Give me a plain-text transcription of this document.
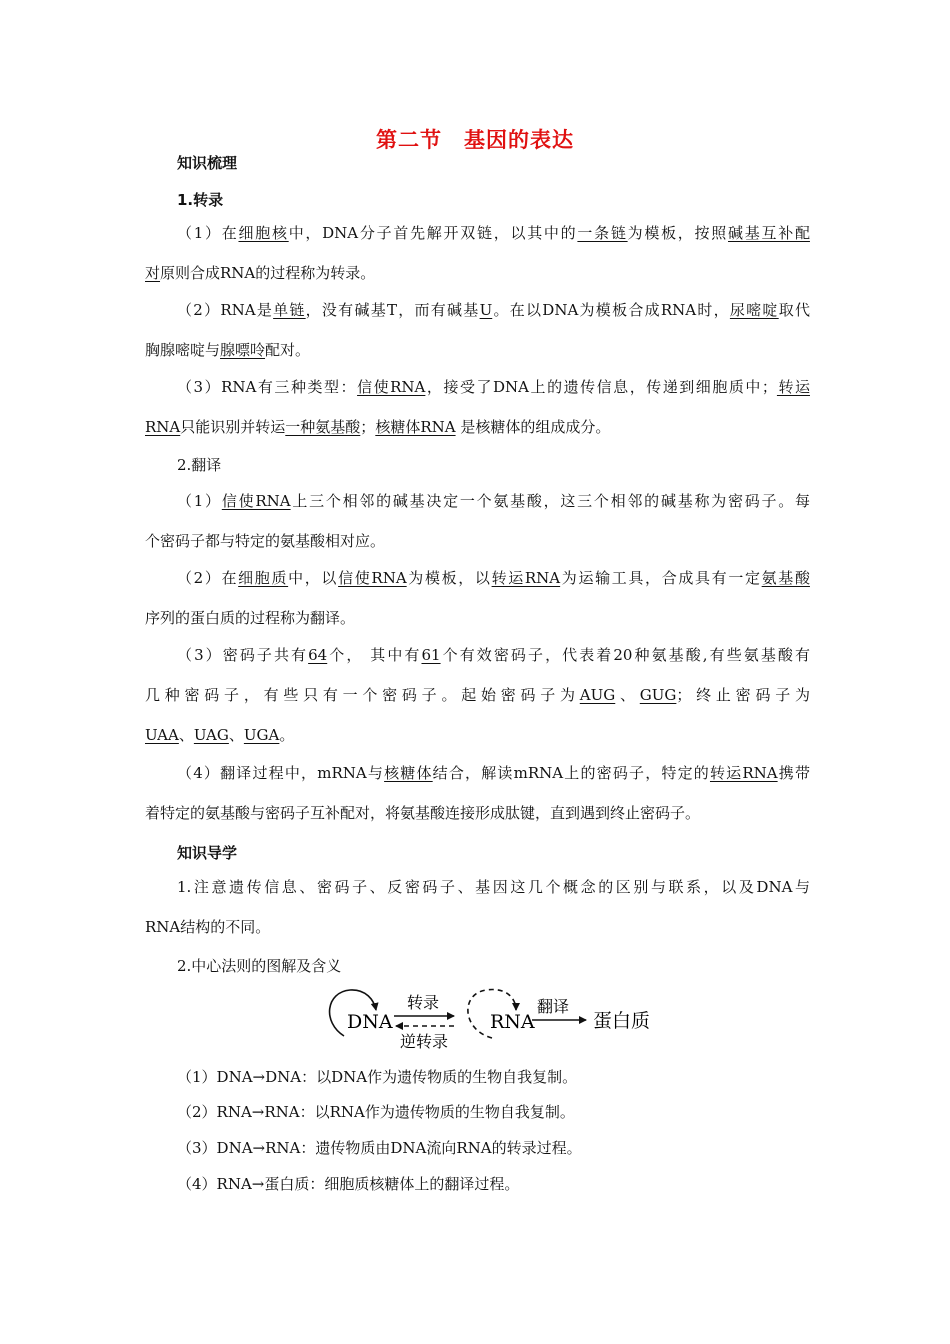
第二节　基因的表达
知识梳理
1.转录
（1）在细胞核中，DNA分子首先解开双链，以其中的一条链为模板，按照碱基互补配
对原则合成RNA的过程称为转录。
（2）RNA是单链，没有碱基T，而有碱基U。在以DNA为模板合成RNA时，尿嘧啶取代
胸腺嘧啶与腺嘌呤配对。
（3）RNA有三种类型：信使RNA，接受了DNA上的遗传信息，传递到细胞质中；转运
RNA只能识别并转运一种氨基酸；核糖体RNA 是核糖体的组成成分。
2.翻译
（1）信使RNA上三个相邻的碱基决定一个氨基酸，这三个相邻的碱基称为密码子。每
个密码子都与特定的氨基酸相对应。
（2）在细胞质中，以信使RNA为模板，以转运RNA为运输工具，合成具有一定氨基酸
序列的蛋白质的过程称为翻译。
（3）密码子共有64个， 其中有61个有效密码子，代表着20种氨基酸,有些氨基酸有
几种密码子，有些只有一个密码子。起始密码子为AUG、GUG；终止密码子为
UAA、UAG、UGA。
（4）翻译过程中，mRNA与核糖体结合，解读mRNA上的密码子，特定的转运RNA携带
着特定的氨基酸与密码子互补配对，将氨基酸连接形成肽键，直到遇到终止密码子。
知识导学
1.注意遗传信息、密码子、反密码子、基因这几个概念的区别与联系，以及DNA与
RNA结构的不同。
2.中心法则的图解及含义
DNA
转录
逆转录
RNA
翻译
蛋白质
（1）DNA→DNA：以DNA作为遗传物质的生物自我复制。
（2）RNA→RNA：以RNA作为遗传物质的生物自我复制。
（3）DNA→RNA：遗传物质由DNA流向RNA的转录过程。
（4）RNA→蛋白质：细胞质核糖体上的翻译过程。
